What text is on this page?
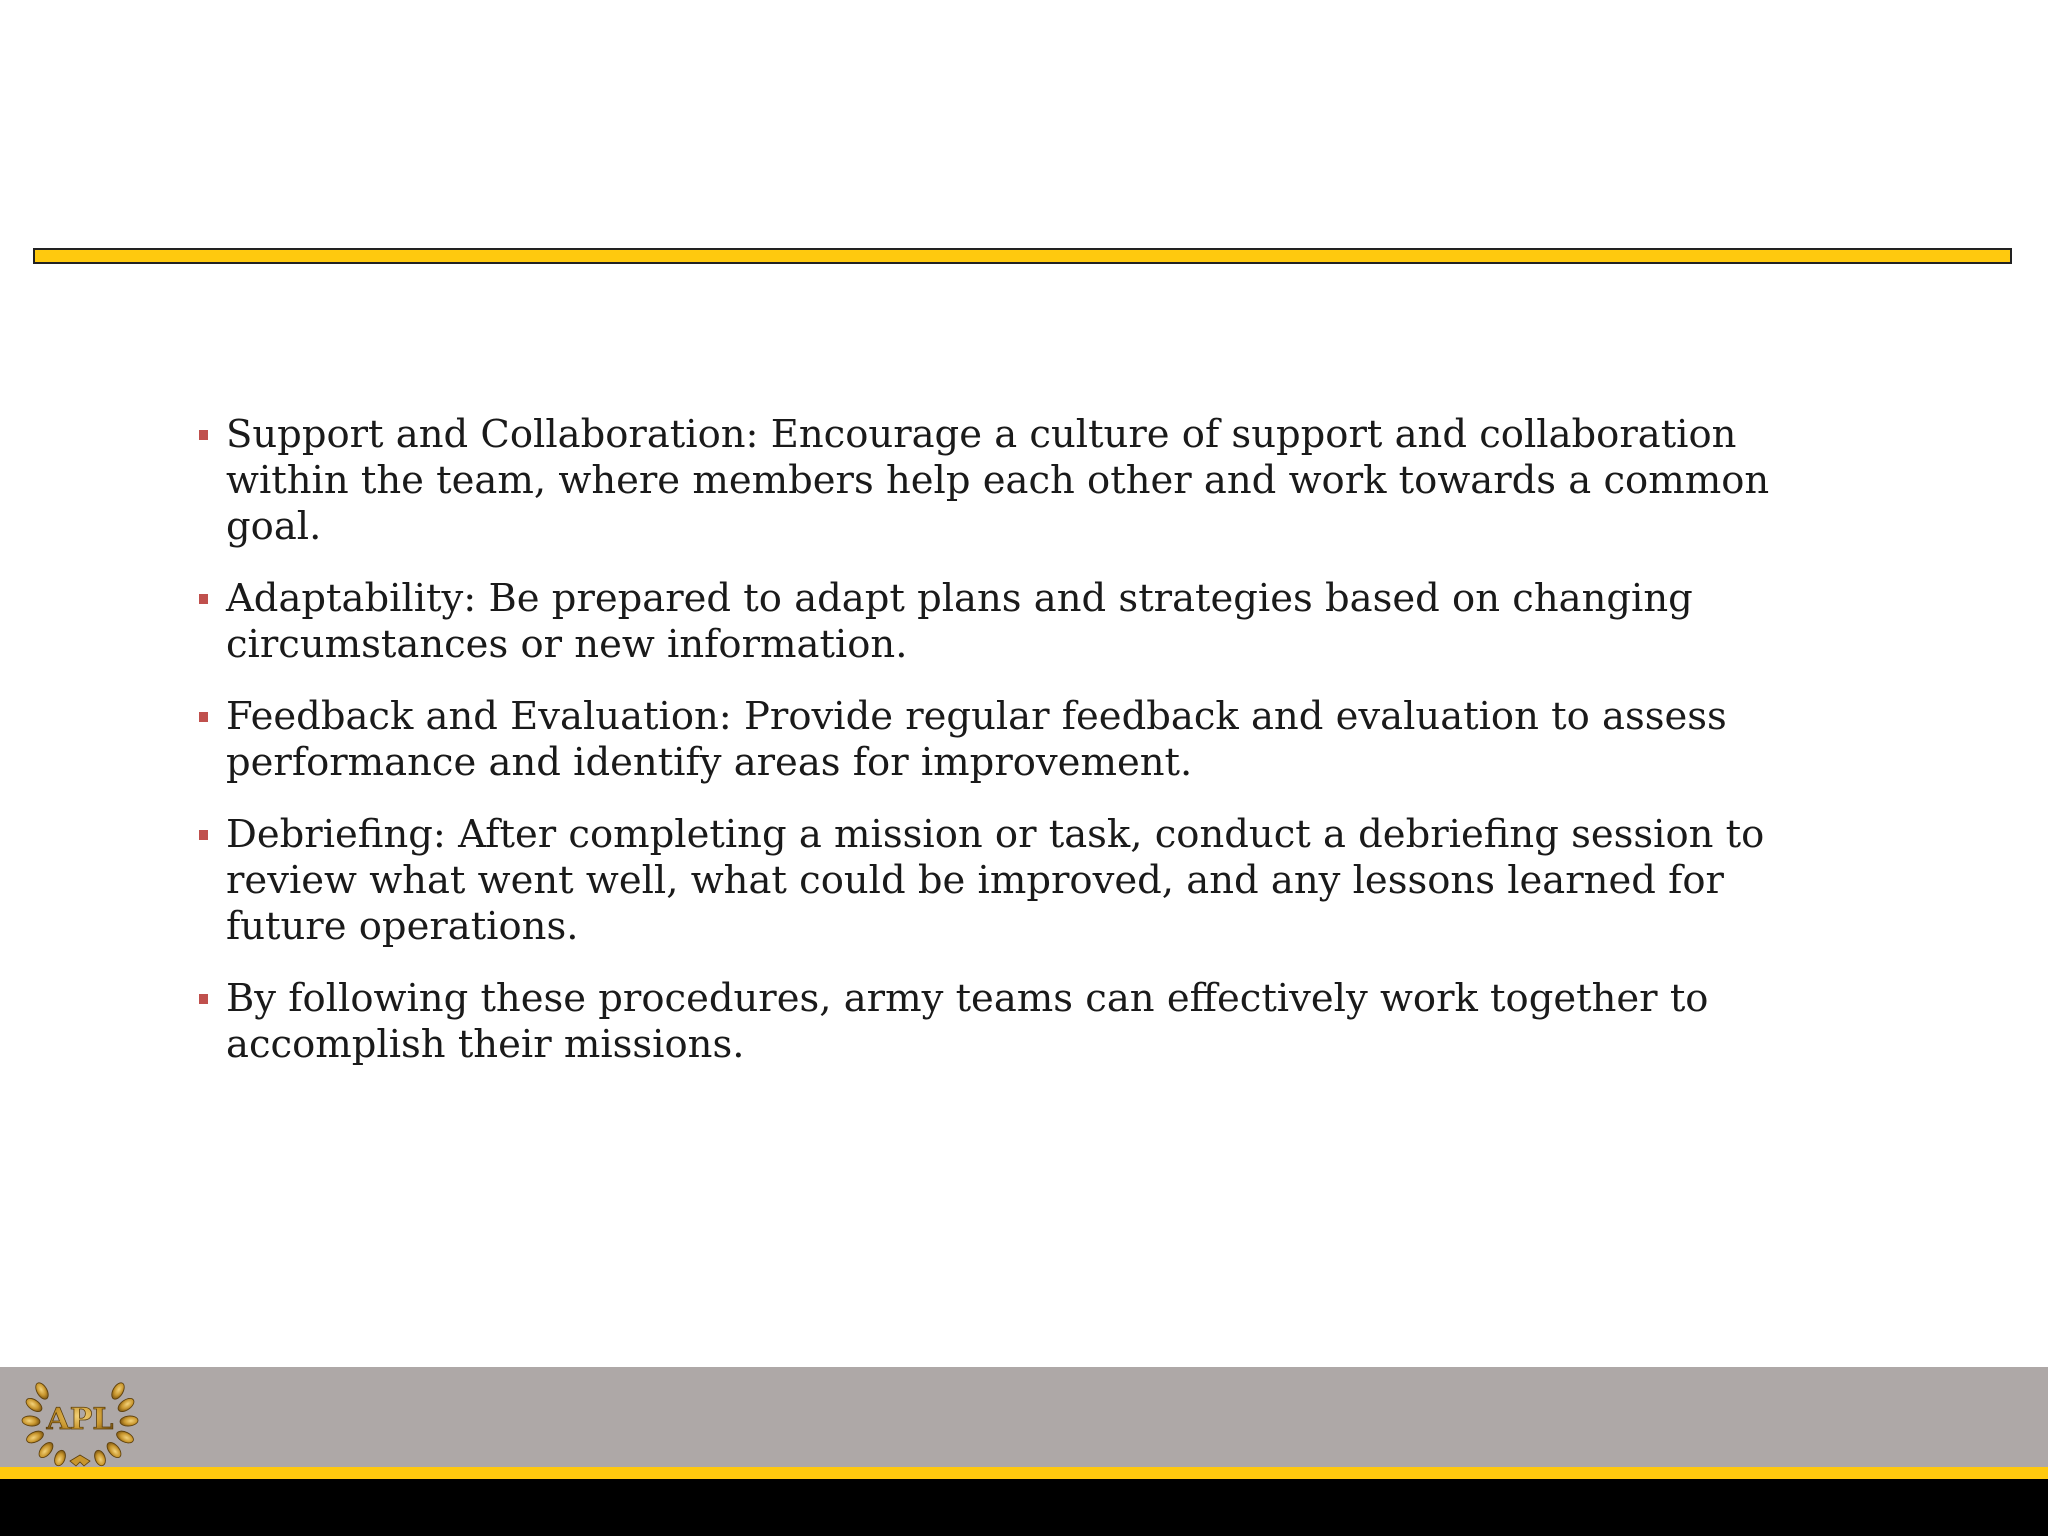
Support and Collaboration: Encourage a culture of support and collaboration within the team, where members help each other and work towards a common goal.
Adaptability: Be prepared to adapt plans and strategies based on changing circumstances or new information.
Feedback and Evaluation: Provide regular feedback and evaluation to assess performance and identify areas for improvement.
Debriefing: After completing a mission or task, conduct a debriefing session to review what went well, what could be improved, and any lessons learned for future operations.
By following these procedures, army teams can effectively work together to accomplish their missions.
APL
